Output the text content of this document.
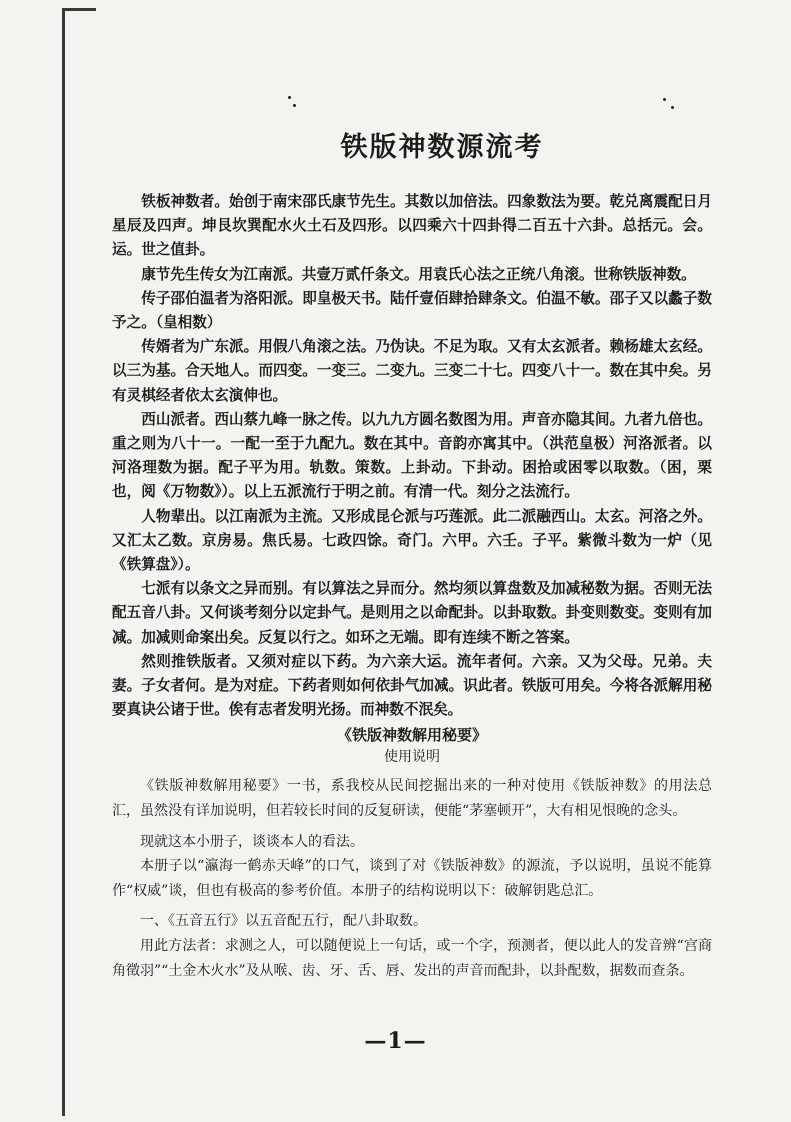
铁版神数源流考

铁板神数者。始创于南宋邵氏康节先生。其数以加倍法。四象数法为要。乾兑离震配日月星辰及四声。坤艮坎巽配水火土石及四形。以四乘六十四卦得二百五十六卦。总括元。会。运。世之值卦。

康节先生传女为江南派。共壹万贰仟条文。用袁氏心法之正统八角滚。世称铁版神数。

传子邵伯温者为洛阳派。即皇极天书。陆仟壹佰肆拾肆条文。伯温不敏。邵子又以蠡子数予之。（皇相数）

传婿者为广东派。用假八角滚之法。乃伪诀。不足为取。又有太玄派者。赖杨雄太玄经。以三为基。合天地人。而四变。一变三。二变九。三变二十七。四变八十一。数在其中矣。另有灵棋经者依太玄演伸也。

西山派者。西山蔡九峰一脉之传。以九九方圆名数图为用。声音亦隐其间。九者九倍也。重之则为八十一。一配一至于九配九。数在其中。音韵亦寓其中。（洪范皇极）河洛派者。以河洛理数为据。配子平为用。轨数。策数。上卦动。下卦动。困拾或困零以取数。（困，栗也，阅《万物数》）。以上五派流行于明之前。有清一代。刻分之法流行。

人物辈出。以江南派为主流。又形成昆仑派与巧莲派。此二派融西山。太玄。河洛之外。又汇太乙数。京房易。焦氏易。七政四馀。奇门。六甲。六壬。子平。紫微斗数为一炉（见《铁算盘》）。

七派有以条文之异而别。有以算法之异而分。然均须以算盘数及加减秘数为据。否则无法配五音八卦。又何谈考刻分以定卦气。是则用之以命配卦。以卦取数。卦变则数变。变则有加减。加减则命案出矣。反复以行之。如环之无端。即有连续不断之答案。

然则推铁版者。又须对症以下药。为六亲大运。流年者何。六亲。又为父母。兄弟。夫妻。子女者何。是为对症。下药者则如何依卦气加减。识此者。铁版可用矣。今将各派解用秘要真诀公诸于世。俟有志者发明光扬。而神数不泯矣。

《铁版神数解用秘要》
使用说明

《铁版神数解用秘要》一书，系我校从民间挖掘出来的一种对使用《铁版神数》的用法总汇，虽然没有详加说明，但若较长时间的反复研读，便能“茅塞顿开”，大有相见恨晚的念头。

现就这本小册子，谈谈本人的看法。

本册子以“瀛海一鹤赤天峰”的口气，谈到了对《铁版神数》的源流，予以说明，虽说不能算作“权威”谈，但也有极高的参考价值。本册子的结构说明以下：破解钥匙总汇。

一、《五音五行》以五音配五行，配八卦取数。

用此方法者：求测之人，可以随便说上一句话，或一个字，预测者，便以此人的发音辨“宫商角徵羽”“土金木火水”及从喉、齿、牙、舌、唇、发出的声音而配卦，以卦配数，据数而查条。

—1—
